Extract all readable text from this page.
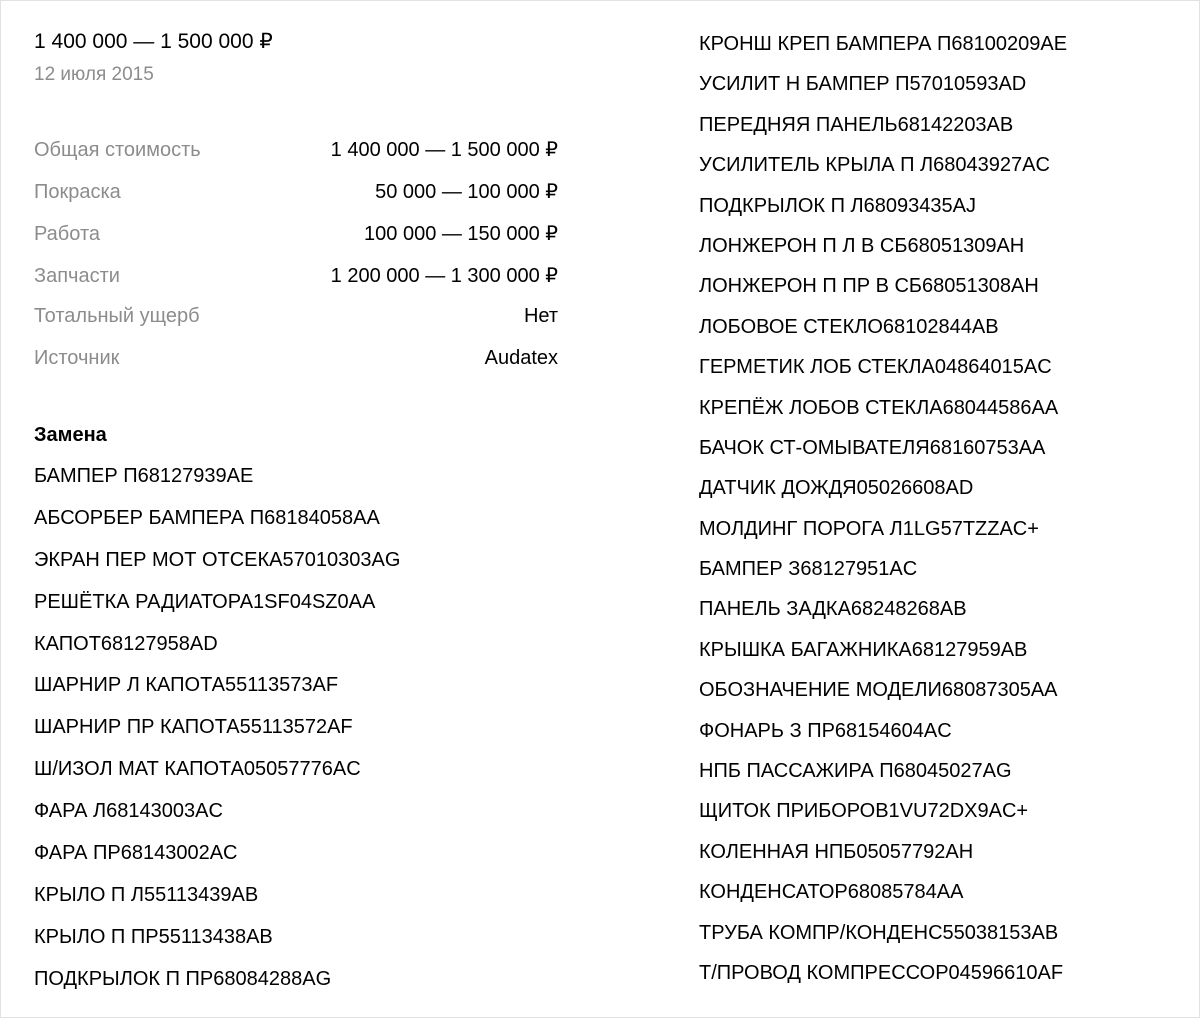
1 400 000 — 1 500 000 ₽
12 июля 2015
Общая стоимость	1 400 000 — 1 500 000 ₽
Покраска	50 000 — 100 000 ₽
Работа	100 000 — 150 000 ₽
Запчасти	1 200 000 — 1 300 000 ₽
Тотальный ущерб	Нет
Источник	Audatex
Замена
БАМПЕР П68127939AE
АБСОРБЕР БАМПЕРА П68184058AA
ЭКРАН ПЕР МОТ ОТСЕКА57010303AG
РЕШЁТКА РАДИАТОРА1SF04SZ0AA
КАПОТ68127958AD
ШАРНИР Л КАПОТА55113573AF
ШАРНИР ПР КАПОТА55113572AF
Ш/ИЗОЛ МАТ КАПОТА05057776AC
ФАРА Л68143003AC
ФАРА ПР68143002AC
КРЫЛО П Л55113439AB
КРЫЛО П ПР55113438AB
ПОДКРЫЛОК П ПР68084288AG
КРОНШ КРЕП БАМПЕРА П68100209AE
УСИЛИТ Н БАМПЕР П57010593AD
ПЕРЕДНЯЯ ПАНЕЛЬ68142203AB
УСИЛИТЕЛЬ КРЫЛА П Л68043927AC
ПОДКРЫЛОК П Л68093435AJ
ЛОНЖЕРОН П Л В СБ68051309AH
ЛОНЖЕРОН П ПР В СБ68051308AH
ЛОБОВОЕ СТЕКЛО68102844AB
ГЕРМЕТИК ЛОБ СТЕКЛА04864015AC
КРЕПЁЖ ЛОБОВ СТЕКЛА68044586AA
БАЧОК СТ-ОМЫВАТЕЛЯ68160753AA
ДАТЧИК ДОЖДЯ05026608AD
МОЛДИНГ ПОРОГА Л1LG57TZZAC+
БАМПЕР З68127951AC
ПАНЕЛЬ ЗАДКА68248268AB
КРЫШКА БАГАЖНИКА68127959AB
ОБОЗНАЧЕНИЕ МОДЕЛИ68087305AA
ФОНАРЬ З ПР68154604AC
НПБ ПАССАЖИРА П68045027AG
ЩИТОК ПРИБОРОВ1VU72DX9AC+
КОЛЕННАЯ НПБ05057792AH
КОНДЕНСАТОР68085784AA
ТРУБА КОМПР/КОНДЕНС55038153AB
Т/ПРОВОД КОМПРЕССОР04596610AF
